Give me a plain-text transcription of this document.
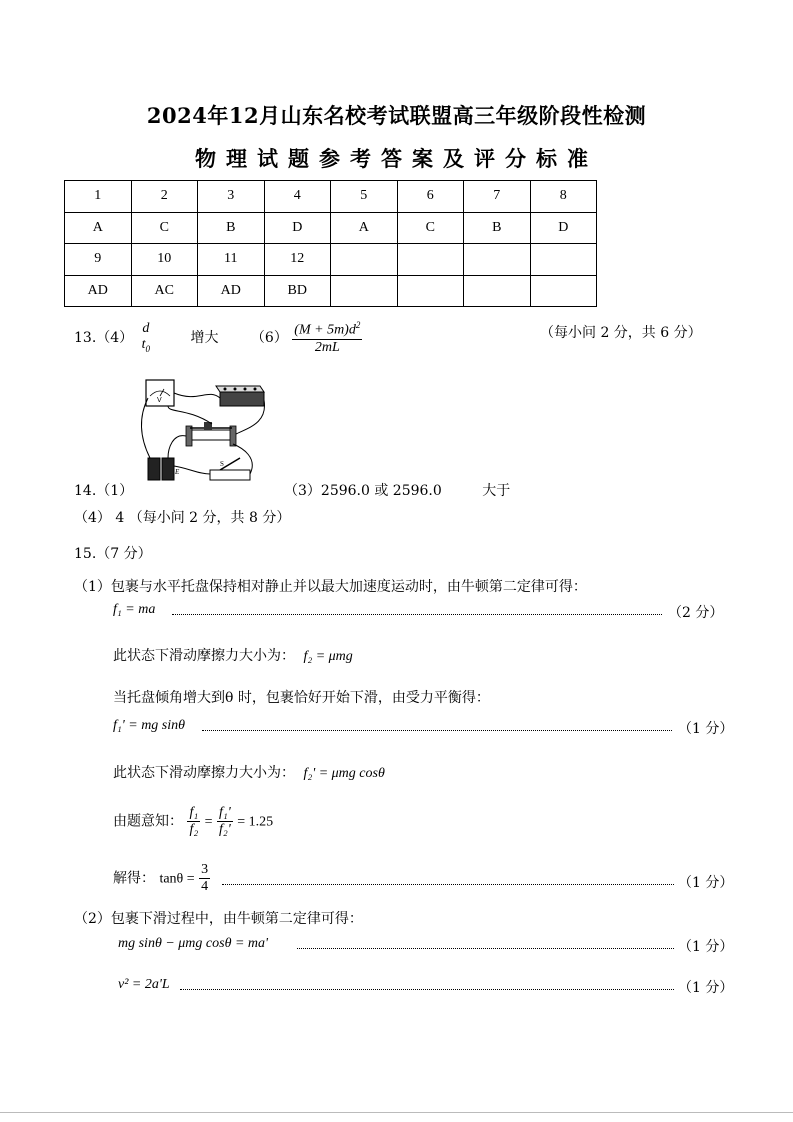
2024年12月山东名校考试联盟高三年级阶段性检测
物理试题参考答案及评分标准
1	2	3	4	5	6	7	8
A	C	B	D	A	C	B	D
9	10	11	12				
AD	AC	AD	BD				
13.（4）
d
$t_0$
增大 $(6) \frac{(M + 5m)d^2}{2mL}$	（每小问 2 分，共 6 分）
V
E
S
14.（1）	（3）2596.0 或 2596.0	大于
（4） 4 （每小问 2 分，共 8 分）
15.（7 分）
（1）包裹与水平托盘保持相对静止并以最大加速度运动时，由牛顿第二定律可得：
f₁ = ma	（2 分）
此状态下滑动摩擦力大小为： f₂ = μmg
当托盘倾角增大到θ 时，包裹恰好开始下滑，由受力平衡得：
f₁' = mg sinθ	（1 分）
此状态下滑动摩擦力大小为： f₂' = μmg cosθ
由题意知： $\frac{\text{f₁}}{\text{f₂}} = \frac{\text{f₁'}}{\text{f₂'}} = 1.25$
解得： $\tan\theta = \frac{3}{4}$	（1 分）
（2）包裹下滑过程中，由牛顿第二定律可得：
mg sinθ − μmg cosθ = ma'	（1 分）
v² = 2a'L	（1 分）
